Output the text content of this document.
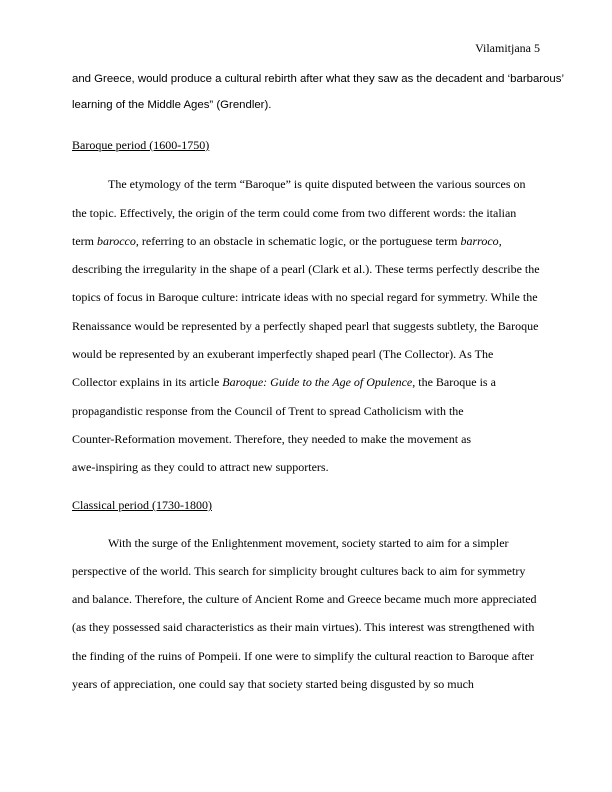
Vilamitjana 5
and Greece, would produce a cultural rebirth after what they saw as the decadent and ‘barbarous’
learning of the Middle Ages” (Grendler).
Baroque period (1600-1750)
The etymology of the term “Baroque” is quite disputed between the various sources on
the topic. Effectively, the origin of the term could come from two different words: the italian
term barocco, referring to an obstacle in schematic logic, or the portuguese term barroco,
describing the irregularity in the shape of a pearl (Clark et al.). These terms perfectly describe the
topics of focus in Baroque culture: intricate ideas with no special regard for symmetry. While the
Renaissance would be represented by a perfectly shaped pearl that suggests subtlety, the Baroque
would be represented by an exuberant imperfectly shaped pearl (The Collector). As The
Collector explains in its article Baroque: Guide to the Age of Opulence, the Baroque is a
propagandistic response from the Council of Trent to spread Catholicism with the
Counter-Reformation movement. Therefore, they needed to make the movement as
awe-inspiring as they could to attract new supporters.
Classical period (1730-1800)
With the surge of the Enlightenment movement, society started to aim for a simpler
perspective of the world. This search for simplicity brought cultures back to aim for symmetry
and balance. Therefore, the culture of Ancient Rome and Greece became much more appreciated
(as they possessed said characteristics as their main virtues). This interest was strengthened with
the finding of the ruins of Pompeii. If one were to simplify the cultural reaction to Baroque after
years of appreciation, one could say that society started being disgusted by so much
